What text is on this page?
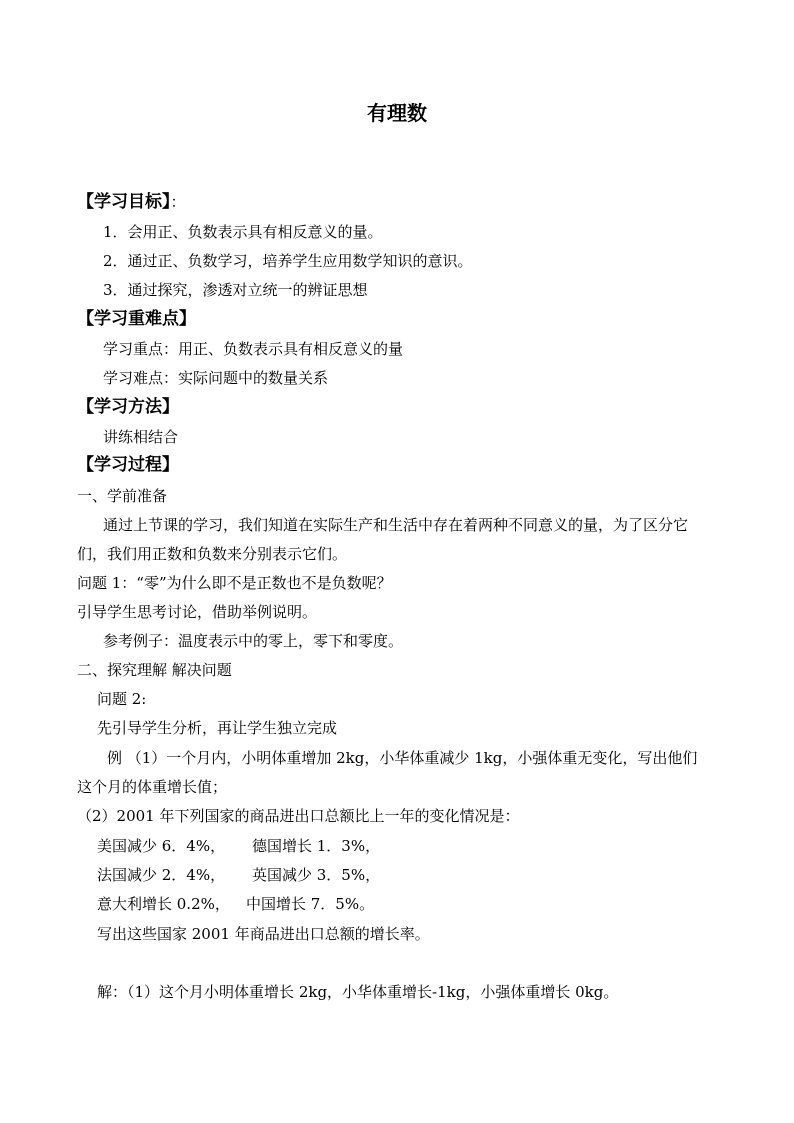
有理数
【学习目标】：
1．会用正、负数表示具有相反意义的量。
2．通过正、负数学习，培养学生应用数学知识的意识。
3．通过探究，渗透对立统一的辨证思想
【学习重难点】
学习重点：用正、负数表示具有相反意义的量
学习难点：实际问题中的数量关系
【学习方法】
讲练相结合
【学习过程】
一、学前准备
通过上节课的学习，我们知道在实际生产和生活中存在着两种不同意义的量，为了区分它
们，我们用正数和负数来分别表示它们。
问题 1：“零”为什么即不是正数也不是负数呢？
引导学生思考讨论，借助举例说明。
参考例子：温度表示中的零上，零下和零度。
二、探究理解 解决问题
问题 2:
先引导学生分析，再让学生独立完成
例 （1）一个月内，小明体重增加 2kg，小华体重减少 1kg，小强体重无变化，写出他们
这个月的体重增长值；
（2）2001 年下列国家的商品进出口总额比上一年的变化情况是：
美国减少 6．4%， 德国增长 1．3%，
法国减少 2．4%， 英国减少 3．5%，
意大利增长 0.2%， 中国增长 7．5%。
写出这些国家 2001 年商品进出口总额的增长率。
解：（1）这个月小明体重增长 2kg，小华体重增长-1kg，小强体重增长 0kg。
